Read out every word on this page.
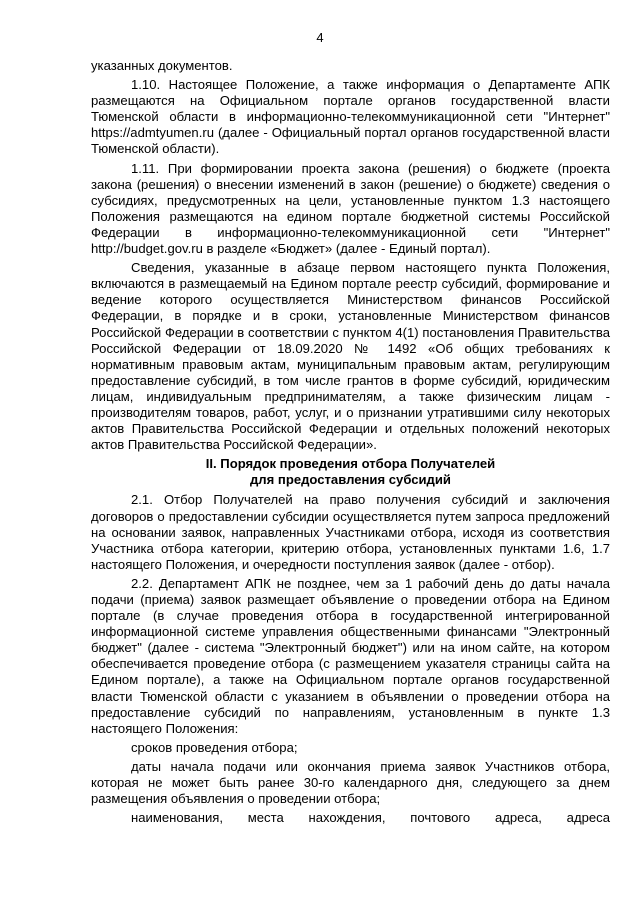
4

указанных документов.

1.10. Настоящее Положение, а также информация о Департаменте АПК размещаются на Официальном портале органов государственной власти Тюменской области в информационно-телекоммуникационной сети "Интернет" https://admtyumen.ru (далее - Официальный портал органов государственной власти Тюменской области).

1.11. При формировании проекта закона (решения) о бюджете (проекта закона (решения) о внесении изменений в закон (решение) о бюджете) сведения о субсидиях, предусмотренных на цели, установленные пунктом 1.3 настоящего Положения размещаются на едином портале бюджетной системы Российской Федерации в информационно-телекоммуникационной сети "Интернет" http://budget.gov.ru в разделе «Бюджет» (далее - Единый портал).

Сведения, указанные в абзаце первом настоящего пункта Положения, включаются в размещаемый на Едином портале реестр субсидий, формирование и ведение которого осуществляется Министерством финансов Российской Федерации, в порядке и в сроки, установленные Министерством финансов Российской Федерации в соответствии с пунктом 4(1) постановления Правительства Российской Федерации от 18.09.2020 № 1492 «Об общих требованиях к нормативным правовым актам, муниципальным правовым актам, регулирующим предоставление субсидий, в том числе грантов в форме субсидий, юридическим лицам, индивидуальным предпринимателям, а также физическим лицам - производителям товаров, работ, услуг, и о признании утратившими силу некоторых актов Правительства Российской Федерации и отдельных положений некоторых актов Правительства Российской Федерации».

II. Порядок проведения отбора Получателей
для предоставления субсидий

2.1. Отбор Получателей на право получения субсидий и заключения договоров о предоставлении субсидии осуществляется путем запроса предложений на основании заявок, направленных Участниками отбора, исходя из соответствия Участника отбора категории, критерию отбора, установленных пунктами 1.6, 1.7 настоящего Положения, и очередности поступления заявок (далее - отбор).

2.2. Департамент АПК не позднее, чем за 1 рабочий день до даты начала подачи (приема) заявок размещает объявление о проведении отбора на Едином портале (в случае проведения отбора в государственной интегрированной информационной системе управления общественными финансами "Электронный бюджет" (далее - система "Электронный бюджет") или на ином сайте, на котором обеспечивается проведение отбора (с размещением указателя страницы сайта на Едином портале), а также на Официальном портале органов государственной власти Тюменской области с указанием в объявлении о проведении отбора на предоставление субсидий по направлениям, установленным в пункте 1.3 настоящего Положения:

сроков проведения отбора;

даты начала подачи или окончания приема заявок Участников отбора, которая не может быть ранее 30-го календарного дня, следующего за днем размещения объявления о проведении отбора;

наименования, места нахождения, почтового адреса, адреса
